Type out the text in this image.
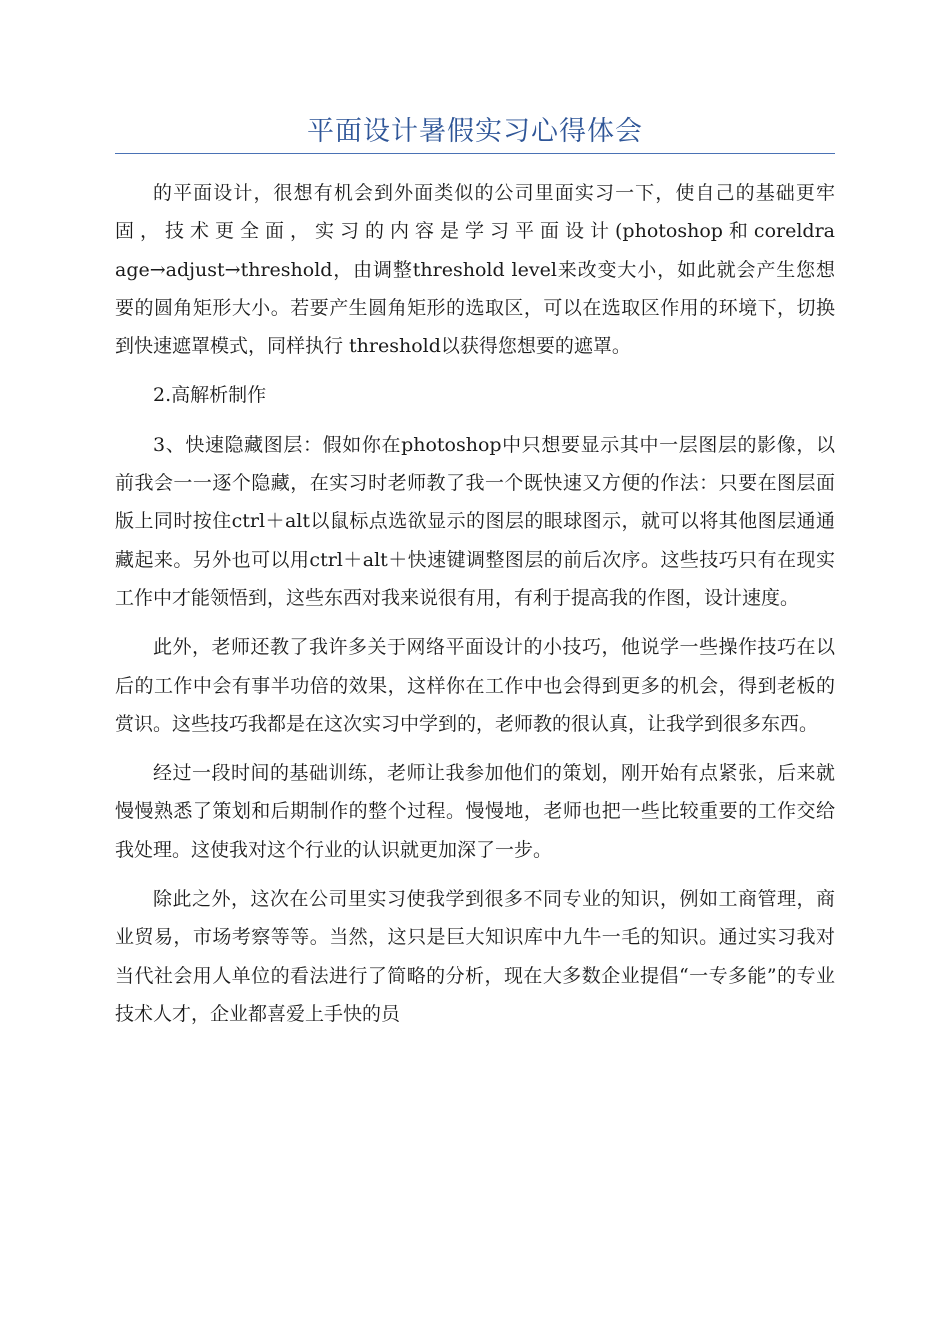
平面设计暑假实习心得体会

的平面设计，很想有机会到外面类似的公司里面实习一下，使自己的基础更牢固，技术更全面，实习的内容是学习平面设计(photoshop和coreldra age→adjust→threshold，由调整threshold level来改变大小，如此就会产生您想要的圆角矩形大小。若要产生圆角矩形的选取区，可以在选取区作用的环境下，切换到快速遮罩模式，同样执行 threshold以获得您想要的遮罩。

2.高解析制作

3、快速隐藏图层：假如你在photoshop中只想要显示其中一层图层的影像，以前我会一一逐个隐藏，在实习时老师教了我一个既快速又方便的作法：只要在图层面版上同时按住ctrl＋alt以鼠标点选欲显示的图层的眼球图示，就可以将其他图层通通藏起来。另外也可以用ctrl＋alt＋快速键调整图层的前后次序。这些技巧只有在现实工作中才能领悟到，这些东西对我来说很有用，有利于提高我的作图，设计速度。

此外，老师还教了我许多关于网络平面设计的小技巧，他说学一些操作技巧在以后的工作中会有事半功倍的效果，这样你在工作中也会得到更多的机会，得到老板的赏识。这些技巧我都是在这次实习中学到的，老师教的很认真，让我学到很多东西。

经过一段时间的基础训练，老师让我参加他们的策划，刚开始有点紧张，后来就慢慢熟悉了策划和后期制作的整个过程。慢慢地，老师也把一些比较重要的工作交给我处理。这使我对这个行业的认识就更加深了一步。

除此之外，这次在公司里实习使我学到很多不同专业的知识，例如工商管理，商业贸易，市场考察等等。当然，这只是巨大知识库中九牛一毛的知识。通过实习我对当代社会用人单位的看法进行了简略的分析，现在大多数企业提倡“一专多能”的专业技术人才，企业都喜爱上手快的员
